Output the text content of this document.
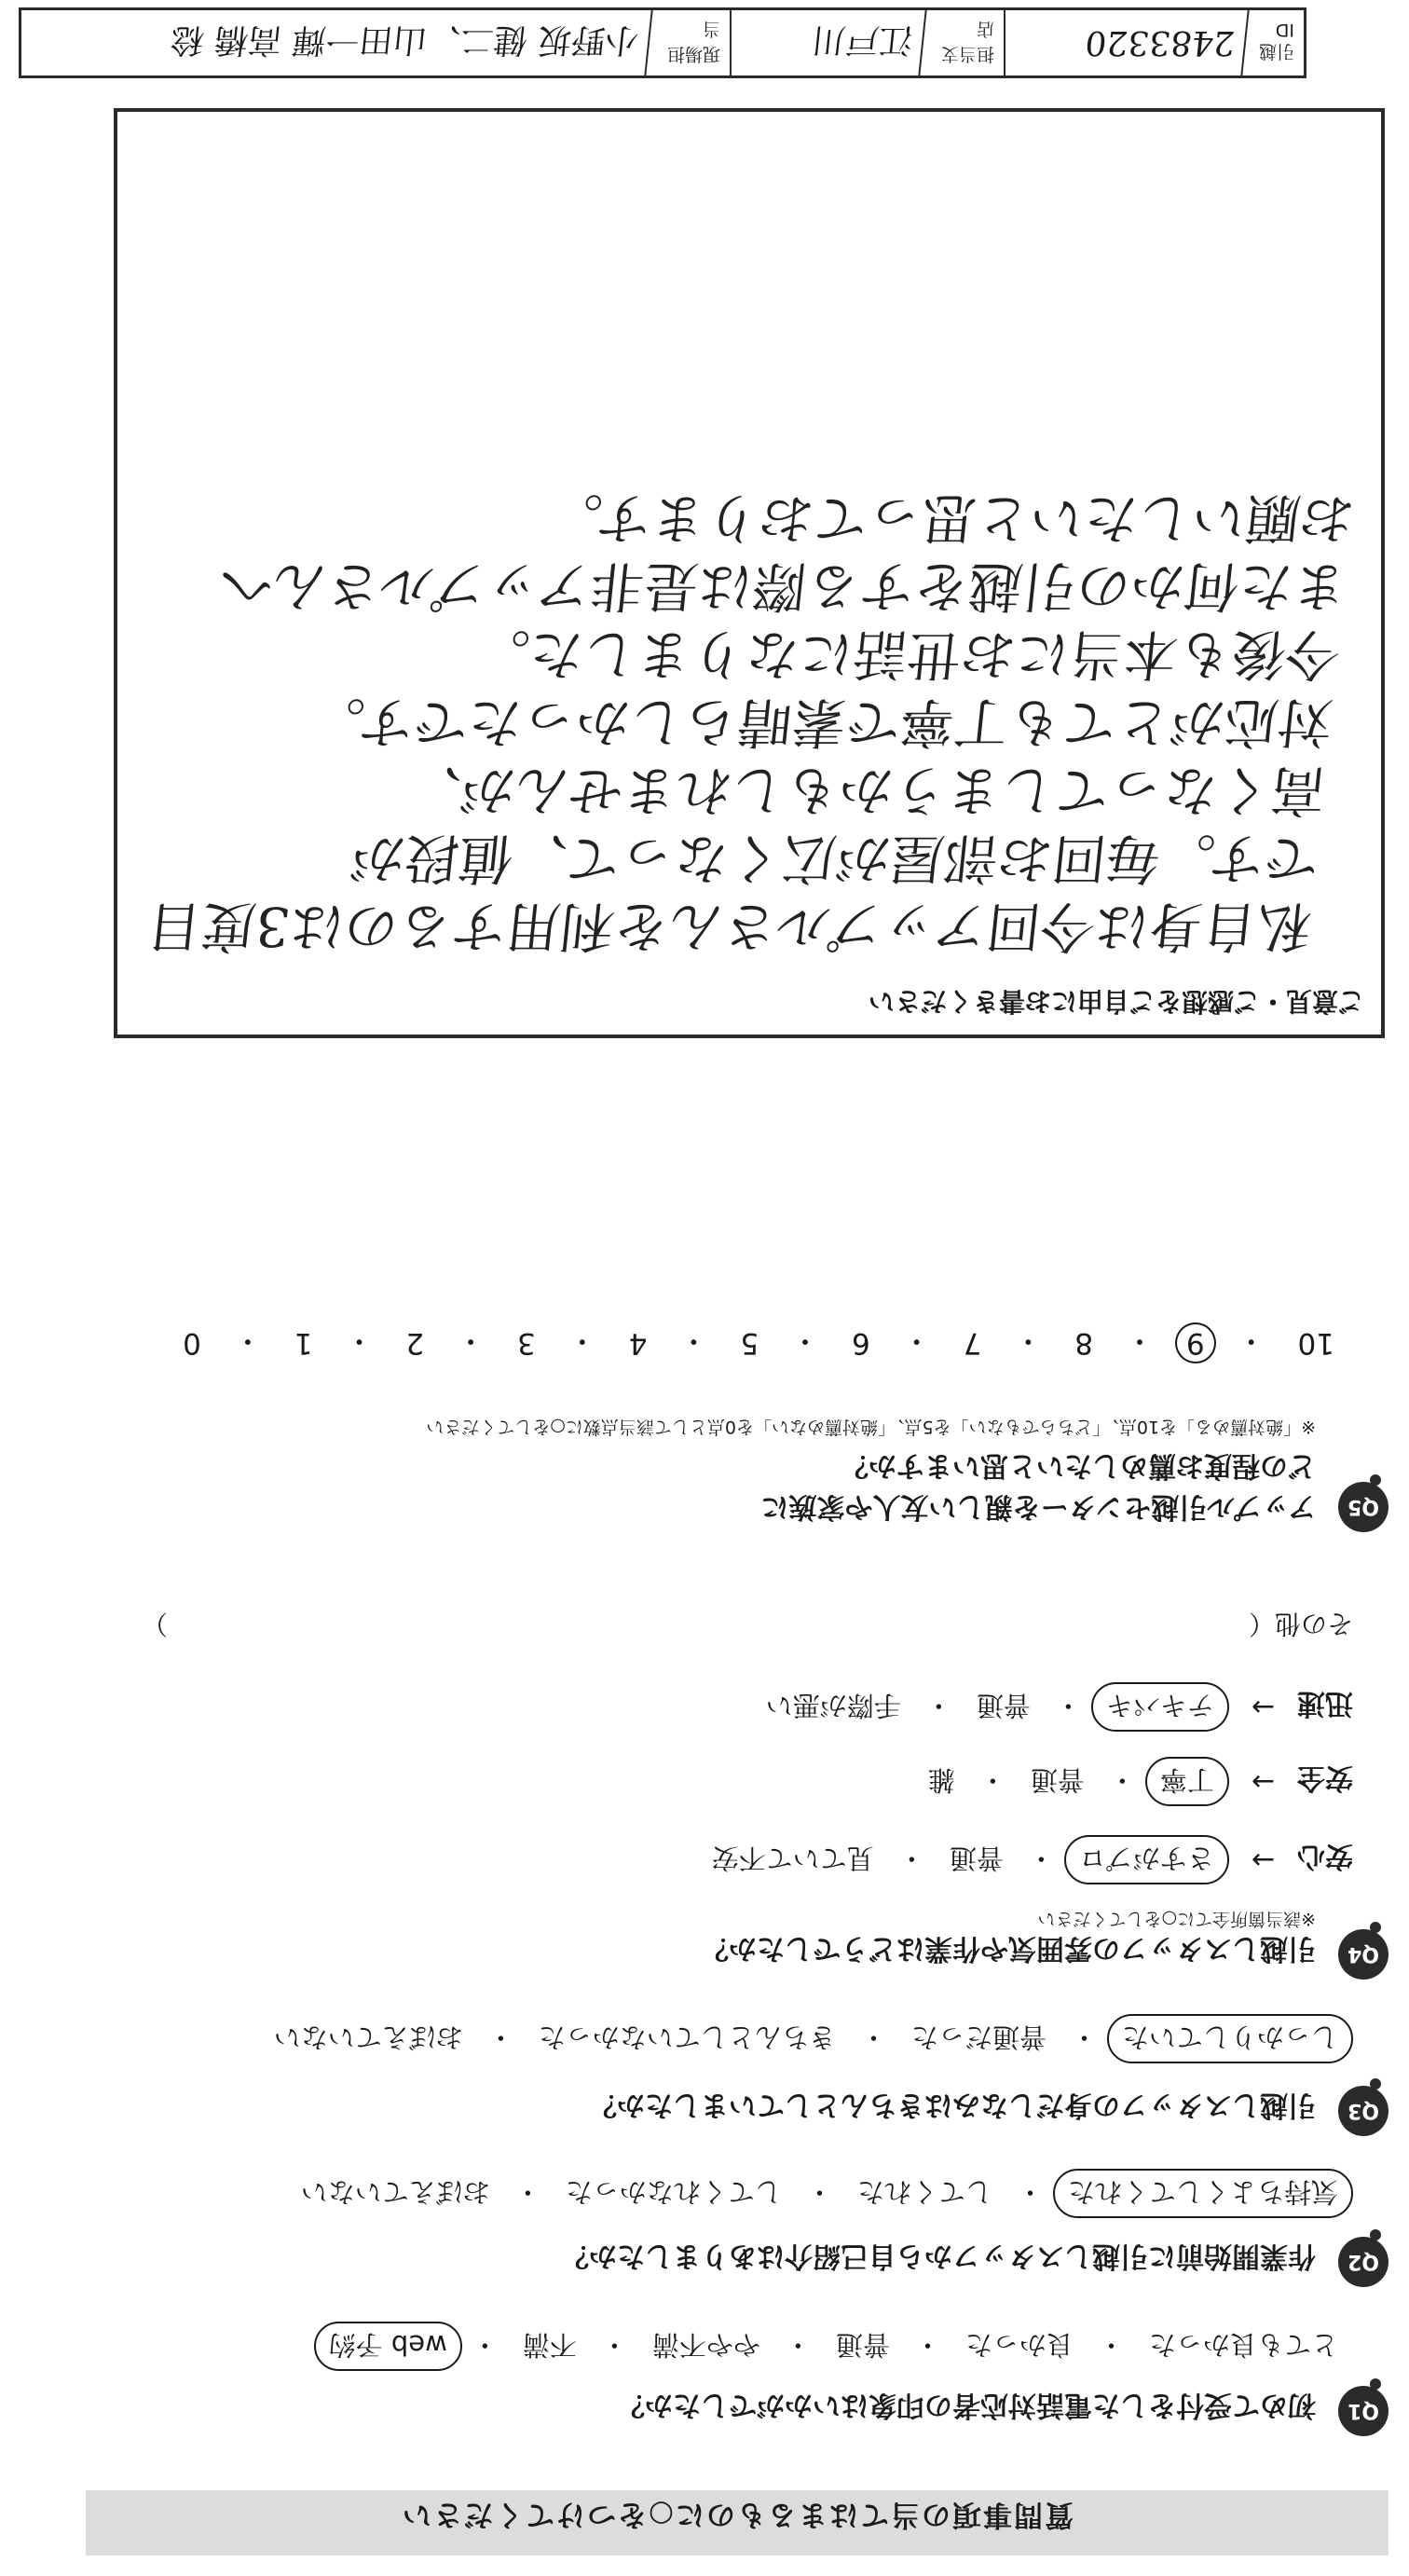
質問事項の当てはまるものに○をつけてください
Q1
初めて受付をした電話対応者の印象はいかがでしたか？
とても良かった
・
良かった
・
普通
・
やや不満
・
不満
・
web 予約
Q2
作業開始前に引越しスタッフから自己紹介はありましたか？
気持ちよくしてくれた
・
してくれた
・
してくれなかった
・
おぼえていない
Q3
引越しスタッフの身だしなみはきちんとしていましたか？
しっかりしていた
・
普通だった
・
きちんとしていなかった
・
おぼえていない
Q4
引越しスタッフの雰囲気や作業はどうでしたか？
※該当箇所全てに○をしてください
安心
→
さすがプロ
・
普通
・
見ていて不安
安全
→
丁寧
・
普通
・
雑
迅速
→
テキパキ
・
普通
・
手際が悪い
その他（
）
Q5
アップル引越センターを親しい友人や家族に
どの程度お薦めしたいと思いますか？
※「絶対薦める」を10点、「どちらでもない」を5点、「絶対薦めない」を0点として該当点数に○をしてください
10
・
9
・
8
・
7
・
6
・
5
・
4
・
3
・
2
・
1
・
0
ご意見・ご感想をご自由にお書きください
私自身は今回アップルさんを利用するのは3度目
です。毎回お部屋が広くなって、値段が
高くなってしまうかもしれませんが、
対応がとても丁寧で素晴らしかったです。
今後も本当にお世話になりました。
また何かの引越をする際は是非アップルさんへ
お願いしたいと思っております。
引越ID
2483320
担当支店
江戸川
現場担当
小野坂 健二、山田一輝 高橋 稔
